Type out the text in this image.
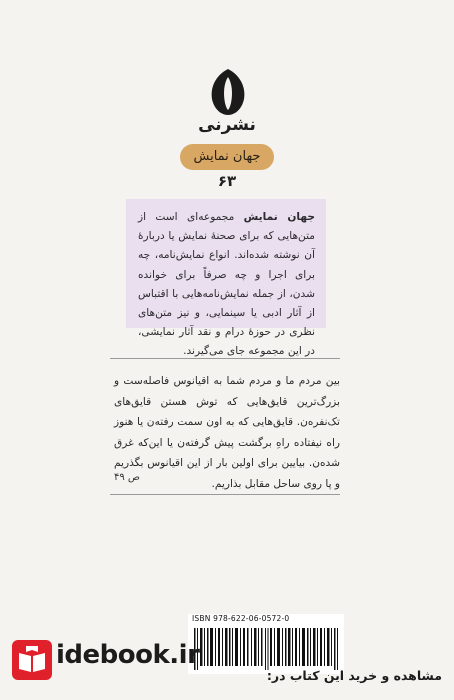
نشرنی
جهان نمایش
۶۳
جهان نمایش مجموعه‌ای است از متن‌هایی که برای صحنهٔ نمایش یا دربارهٔ آن نوشته شده‌اند. انواع نمایش‌نامه، چه برای اجرا و چه صرفاً برای خوانده شدن، از جمله نمایش‌نامه‌هایی با اقتباس از آثار ادبی یا سینمایی، و نیز متن‌های نظری در حوزهٔ درام و نقد آثار نمایشی، در این مجموعه جای می‌گیرند.
بین مردم ما و مردم شما به اقیانوس فاصله‌ست و بزرگ‌ترین قایق‌هایی که توش هستن قایق‌های تک‌نفره‌ن. قایق‌هایی که به اون سمت رفته‌ن یا هنوز راه نیفتاده راهِ برگشت پیش گرفته‌ن یا این‌که غرق شده‌ن. بیایین برای اولین بار از این اقیانوس بگذریم و پا روی ساحل مقابل بذاریم.
ص ۴۹
ISBN 978-622-06-0572-0
idebook.ir
مشاهده و خرید این کتاب در:
